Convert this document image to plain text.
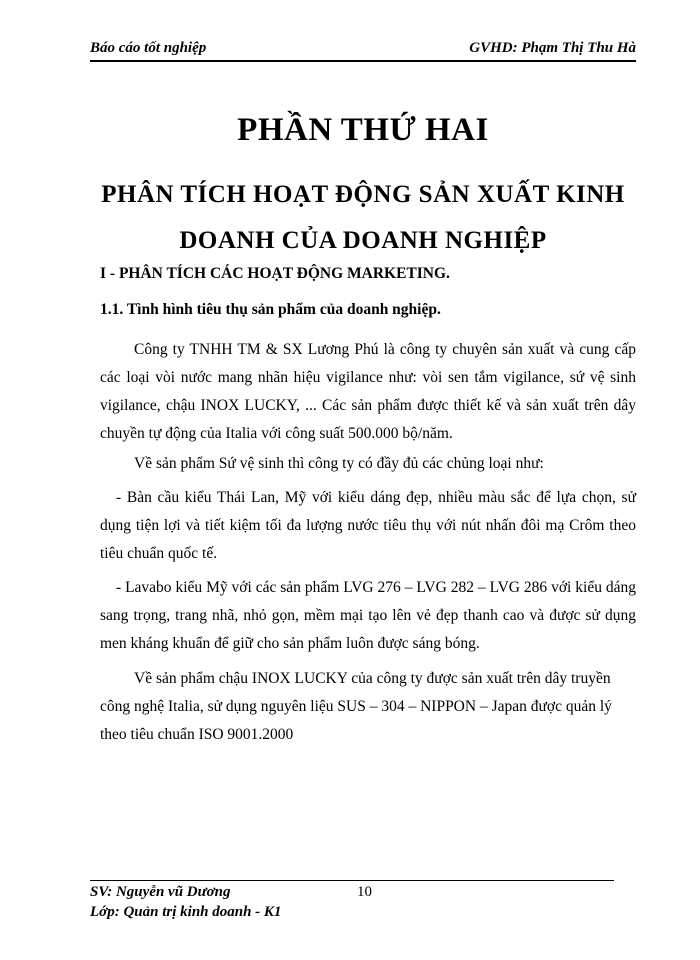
Báo cáo tốt nghiệp	GVHD: Phạm Thị Thu Hà
PHẦN THỨ HAI
PHÂN TÍCH HOẠT ĐỘNG SẢN XUẤT KINH
DOANH CỦA DOANH NGHIỆP
I - PHÂN TÍCH CÁC HOẠT ĐỘNG MARKETING.
1.1. Tình hình tiêu thụ sản phẩm của doanh nghiệp.

Công ty TNHH TM & SX Lương Phú là công ty chuyên sản xuất và cung cấp các loại vòi nước mang nhãn hiệu vigilance như: vòi sen tắm vigilance, sứ vệ sinh vigilance, chậu INOX LUCKY, ... Các sản phẩm được thiết kế và sản xuất trên dây chuyền tự động của Italia với công suất 500.000 bộ/năm.

Về sản phẩm Sứ vệ sinh thì công ty có đầy đủ các chủng loại như:

- Bàn cầu kiểu Thái Lan, Mỹ với kiểu dáng đẹp, nhiều màu sắc để lựa chọn, sử dụng tiện lợi và tiết kiệm tối đa lượng nước tiêu thụ với nút nhấn đôi mạ Crôm theo tiêu chuẩn quốc tế.

- Lavabo kiểu Mỹ với các sản phẩm LVG 276 – LVG 282 – LVG 286 với kiểu dáng sang trọng, trang nhã, nhỏ gọn, mềm mại tạo lên vẻ đẹp thanh cao và được sử dụng men kháng khuẩn để giữ cho sản phẩm luôn được sáng bóng.

Về sản phẩm chậu INOX LUCKY của công ty được sản xuất trên dây truyền công nghệ Italia, sử dụng nguyên liệu SUS – 304 – NIPPON – Japan được quản lý theo tiêu chuẩn ISO 9001.2000

SV: Nguyễn vũ Dương	10
Lớp: Quản trị kinh doanh - K1
